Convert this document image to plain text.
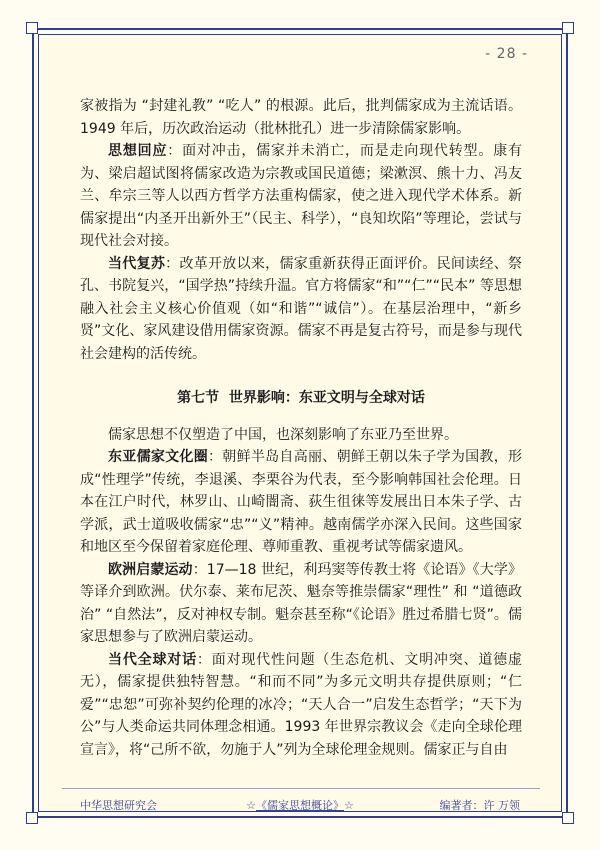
- 28 -

家被指为 “封建礼教” “吃人” 的根源。此后，批判儒家成为主流话语。1949 年后，历次政治运动（批林批孔）进一步清除儒家影响。

思想回应：面对冲击，儒家并未消亡，而是走向现代转型。康有为、梁启超试图将儒家改造为宗教或国民道德；梁漱溟、熊十力、冯友兰、牟宗三等人以西方哲学方法重构儒家，使之进入现代学术体系。新儒家提出“内圣开出新外王”（民主、科学），“良知坎陷”等理论，尝试与现代社会对接。

当代复苏：改革开放以来，儒家重新获得正面评价。民间读经、祭孔、书院复兴，“国学热”持续升温。官方将儒家“和”“仁”“民本” 等思想融入社会主义核心价值观（如“和谐”“诚信”）。在基层治理中，“新乡贤”文化、家风建设借用儒家资源。儒家不再是复古符号，而是参与现代社会建构的活传统。

第七节  世界影响：东亚文明与全球对话

儒家思想不仅塑造了中国，也深刻影响了东亚乃至世界。

东亚儒家文化圈：朝鲜半岛自高丽、朝鲜王朝以朱子学为国教，形成“性理学”传统，李退溪、李栗谷为代表，至今影响韩国社会伦理。日本在江户时代，林罗山、山崎闇斋、荻生徂徕等发展出日本朱子学、古学派，武士道吸收儒家“忠”“义”精神。越南儒学亦深入民间。这些国家和地区至今保留着家庭伦理、尊师重教、重视考试等儒家遗风。

欧洲启蒙运动：17—18 世纪，利玛窦等传教士将《论语》《大学》等译介到欧洲。伏尔泰、莱布尼茨、魁奈等推崇儒家“理性” 和 “道德政治” “自然法”，反对神权专制。魁奈甚至称“《论语》胜过希腊七贤”。儒家思想参与了欧洲启蒙运动。

当代全球对话：面对现代性问题（生态危机、文明冲突、道德虚无），儒家提供独特智慧。“和而不同”为多元文明共存提供原则；“仁爱”“忠恕”可弥补契约伦理的冰冷；“天人合一”启发生态哲学；“天下为公”与人类命运共同体理念相通。1993 年世界宗教议会《走向全球伦理宣言》，将“己所不欲，勿施于人”列为全球伦理金规则。儒家正与自由

中华思想研究会	☆《儒家思想概论》☆	编著者：许 万领
